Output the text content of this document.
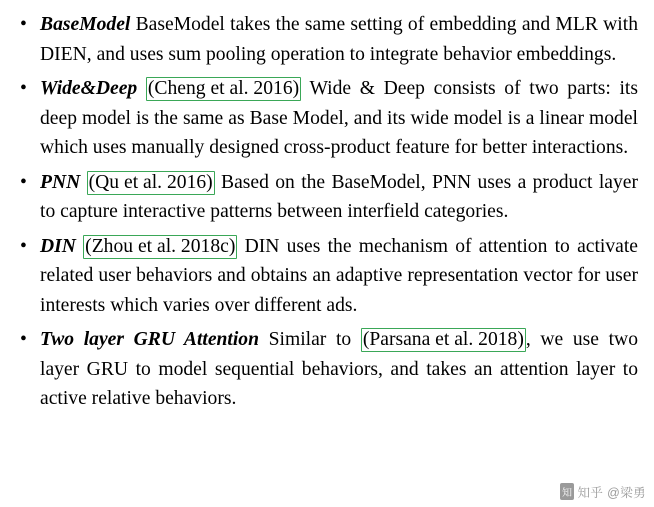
• BaseModel BaseModel takes the same setting of embedding and MLR with DIEN, and uses sum pooling operation to integrate behavior embeddings.
• Wide&Deep (Cheng et al. 2016) Wide & Deep consists of two parts: its deep model is the same as Base Model, and its wide model is a linear model which uses manually designed cross-product feature for better interactions.
• PNN (Qu et al. 2016) Based on the BaseModel, PNN uses a product layer to capture interactive patterns between interfield categories.
• DIN (Zhou et al. 2018c) DIN uses the mechanism of attention to activate related user behaviors and obtains an adaptive representation vector for user interests which varies over different ads.
• Two layer GRU Attention Similar to (Parsana et al. 2018) , we use two layer GRU to model sequential behaviors, and takes an attention layer to active relative behaviors.
知 知乎 @梁勇
